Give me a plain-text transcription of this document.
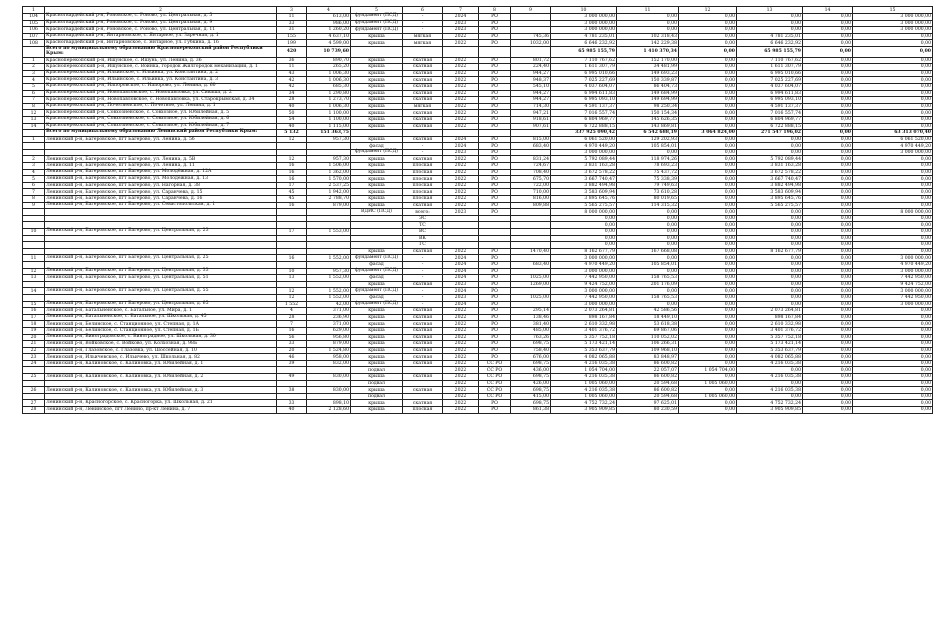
1	2	3	4	5	6	7	8	9	10	11	12	13	14	15
104	Красногвардейский р-н, Роновское, с. Роново, ул. Центральная, д. 5	11	613,00	фундамент (ПСД)	-	2024	РО		3 000 000,00	0,00	0,00	0,00	0,00	3 000 000,00
105	Красногвардейский р-н, Роновское, с. Роново, ул. Центральная, д. 9	33	986,00	фундамент (ПСД)	-	2023	РО		3 000 000,00	0,00	0,00	0,00	0,00	3 000 000,00
106	Красногвардейский р-н, Роновское, с. Роново, ул. Центральная, д. 11	31	1 260,20	фундамент (ПСД)	-	2023	РО		3 000 000,00	0,00	0,00	0,00	0,00	3 000 000,00
107	Красногвардейский р-н, Янтарновское, с. Янтарное, ул. Заречная, д. 1	155	4 637,10	крыша	мягкая	2022	РО	745,36	4 781 235,01	102 318,43	0,00	4 781 235,01	0,00	0,00
108	Красногвардейский р-н, Янтарновское, с. Янтарное, ул. Губкина, д. 16	199	4 599,00	крыша	мягкая	2022	РО	1032,00	6 646 232,92	142 229,38	0,00	6 646 232,92	0,00	0,00
	Всего по муниципальному образованию Красноперекопский район Республики Крым:	420	10 739,60						65 985 155,79	1 410 370,34	0,00	65 985 155,79	0,00	0,00
1	Красноперекопский р-н, Ишунское, с. Ишунь, ул. Ленина, д. 36	36	890,70	крыша	скатная	2022	РО	801,72	7 110 767,62	152 170,00	0,00	7 110 767,62	0,00	0,00
2	Красноперекопский р-н, Ишунское, с. Воинка, городок Жилгородок механизации, д. 1	11	265,20	крыша	скатная	2022	РО	224,40	1 611 307,79	34 481,99	0,00	1 611 307,79	0,00	0,00
3	Красноперекопский р-н, Ильинское, с. Ильинка, ул. Константина, д. 2	43	1 006,30	крыша	скатная	2022	РО	944,27	6 995 010,66	149 693,23	0,00	6 995 010,66	0,00	0,00
4	Красноперекопский р-н, Ильинское, с. Ильинка, ул. Константина, д. 3	42	1 006,30	крыша	скатная	2022	РО	948,37	7 025 227,69	150 339,87	0,00	7 025 227,69	0,00	0,00
5	Красноперекопский р-н, Напоровское, с. Напорово, ул. Ленина, д. 60	42	685,30	крыша	скатная	2022	РО	545,10	4 037 604,07	86 404,73	0,00	4 037 604,07	0,00	0,00
6	Красноперекопский р-н, Новопавловское, с. Новопавловка, ул. Сиваша, д. 2	34	1 290,80	крыша	скатная	2022	РО	944,27	6 994 611,83	149 684,99	0,00	6 994 611,83	0,00	0,00
7	Красноперекопский р-н, Новопавловское, с. Новопавловка, ул. Старокрымская, д. 34	28	1 273,70	крыша	скатная	2022	РО	944,27	6 995 093,10	149 694,99	0,00	6 995 093,10	0,00	0,00
8	Красноперекопский р-н, Почетненское, с. Почетное, ул. Ленина, д. 1	40	1 006,30	крыша	мягкая	2022	РО	714,30	4 591 137,37	98 250,34	0,00	4 591 137,37	0,00	0,00
12	Красноперекопский р-н, Совхозненское, с. Совхозное, ул. Юбилейная, д. 5	50	1 100,00	крыша	скатная	2022	РО	947,21	7 016 557,74	150 154,34	0,00	7 016 557,74	0,00	0,00
13	Красноперекопский р-н, Совхозненское, с. Совхозное, ул. Юбилейная, д. 6	54	1 100,00	крыша	скатная	2022	РО	918,61	6 804 969,77	145 626,35	0,00	6 804 969,77	0,00	0,00
14	Красноперекопский р-н, Совхозненское, с. Совхозное, ул. Юбилейная, д. 7	40	1 115,00	крыша	скатная	2022	РО	907,61	6 722 888,15	143 869,81	0,00	6 722 888,15	0,00	0,00
	Всего по муниципальному образованию Ленинский район Республики Крым:	5 132	151 363,75						337 925 090,42	6 542 688,19	3 064 824,00	271 547 196,02	0,00	63 313 070,40
1	Ленинский р-н, Багеровское, пгт Багерово, ул. Ленина, д. 5б	12	957,30	крыша	скатная	2024	РО	815,00	6 061 520,00	129 202,93	0,00	0,00	0,00	6 061 520,00
				фасад	-	2024	РО	683,40	4 970 449,20	105 854,01	0,00	0,00	0,00	4 970 449,20
				фундамент (ПСД)	-	2023	РО		3 000 000,00	0,00	0,00	0,00	0,00	3 000 000,00
2	Ленинский р-н, Багеровское, пгт Багерово, ул. Ленина, д. 5В	12	957,30	крыша	скатная	2022	РО	831,24	5 792 089,44	118 974,26	0,00	5 792 089,44	0,00	0,00
3	Ленинский р-н, Багеровское, пгт Багерово, ул. Ленина, д. 11	16	1 506,00	крыша	плоская	2022	РО	724,67	3 831 163,28	78 693,23	0,00	3 831 163,28	0,00	0,00
4	Ленинский р-н, Багеровское, пгт Багерово, ул. Молодёжная, д. 12А	16	1 362,00	крыша	плоская	2022	РО	708,40	3 672 578,22	75 437,72	0,00	3 672 578,22	0,00	0,00
5	Ленинский р-н, Багеровское, пгт Багерово, ул. Молодёжная, д. 13	16	1 570,00	крыша	плоская	2022	РО	675,70	3 667 740,47	75 338,39	0,00	3 667 740,47	0,00	0,00
6	Ленинский р-н, Багеровское, пгт Багерово, ул. Нагорная, д. 38	17	2 537,25	крыша	плоская	2022	РО	722,00	3 882 494,98	79 749,63	0,00	3 882 494,98	0,00	0,00
7	Ленинский р-н, Багеровское, пгт Багерово, ул. Саранчева, д. 15	45	1 942,00	крыша	плоская	2022	РО	710,00	3 583 609,94	73 610,28	0,00	3 583 609,94	0,00	0,00
8	Ленинский р-н, Багеровское, пгт Багерово, ул. Саранчева, д. 16	45	2 788,70	крыша	плоская	2022	РО	816,00	3 895 645,76	80 019,65	0,00	3 895 645,76	0,00	0,00
9	Ленинский р-н, Багеровское, пгт Багерово, ул. Севастопольская, д. 1	16	879,00	крыша	скатная	2022	РО	809,88	5 565 275,57	114 315,32	0,00	5 565 275,57	0,00	0,00
				ВДИС (ПСД)	всего:	2023	РО		8 000 000,00	0,00	0,00	0,00	0,00	8 000 000,00
					ЭС				0,00	0,00	0,00	0,00	0,00	0,00
					ТС				0,00	0,00	0,00	0,00	0,00	0,00
10	Ленинский р-н, Багеровское, пгт Багерово, ул. Центральная, д. 23	17	1 553,00		ВС				0,00	0,00	0,00	0,00	0,00	0,00
					ВК				0,00	0,00	0,00	0,00	0,00	0,00
					ГС				0,00	0,00	0,00	0,00	0,00	0,00
				крыша	скатная	2022	РО	1470,40	8 162 677,79	167 668,08	0,00	8 162 677,79	0,00	0,00
11	Ленинский р-н, Багеровское, пгт Багерово, ул. Центральная, д. 25	16	1 552,00	фундамент (ПСД)	-	2024	РО		3 000 000,00	0,00	0,00	0,00	0,00	3 000 000,00
				фасад	-	2024	РО	683,40	4 970 449,20	105 854,01	0,00	0,00	0,00	4 970 449,20
12	Ленинский р-н, Багеровское, пгт Багерово, ул. Центральная, д. 33	10	957,30	фундамент (ПСД)	-	2024	РО		3 000 000,00	0,00	0,00	0,00	0,00	3 000 000,00
13	Ленинский р-н, Багеровское, пгт Багерово, ул. Центральная, д. 51	13	1 552,00	фасад	-	2024	РО	1025,00	7 442 950,00	158 765,53	0,00	0,00	0,00	7 442 950,00
				крыша	скатная	2023	РО	1269,00	9 424 752,00	201 176,09	0,00	0,00	0,00	9 424 752,00
14	Ленинский р-н, Багеровское, пгт Багерово, ул. Центральная, д. 55	12	1 552,00	фундамент (ПСД)	-	2024	РО		3 000 000,00	0,00	0,00	0,00	0,00	3 000 000,00
		12	1 552,00	фасад	-	2023	РО	1025,00	7 442 950,00	158 765,53	0,00	0,00	0,00	7 442 950,00
15	Ленинский р-н, Багеровское, пгт Багерово, ул. Центральная, д. 65	1 552	42,00	фундамент (ПСД)	-	2024	РО		3 000 000,00	0,00	0,00	0,00	0,00	3 000 000,00
16	Ленинский р-н, Батальненское, с. Батальное, ул. Мира, д. 1	4	371,00	крыша	скатная	2022	РО	295,14	2 073 264,81	42 586,56	0,00	2 073 264,81	0,00	0,00
17	Ленинский р-н, Батальненское, с. Батальное, ул. Школьная, д. 45	28	236,90	крыша	скатная	2022	РО	138,46	898 167,84	18 449,10	0,00	898 167,84	0,00	0,00
18	Ленинский р-н, Белинское, с. Станционное, ул. Степная, д. 1А	7	371,00	крыша	скатная	2022	РО	381,40	2 610 332,98	53 618,38	0,00	2 610 332,98	0,00	0,00
19	Ленинский р-н, Белинское, с. Станционное, ул. Степная, д. 1Б	16	629,00	крыша	скатная	2022	РО	485,00	3 401 376,72	69 867,06	0,00	3 401 376,72	0,00	0,00
20	Ленинский р-н, Виноградовское, с. Виноградное, ул. Школьная, д. 30	56	956,80	крыша	скатная	2022	РО	763,26	5 357 752,18	110 052,02	0,00	5 357 752,18	0,00	0,00
21	Ленинский р-н, Войковское, с. Войково, ул. Колхозная, д. 98Б	33	879,00	крыша	скатная	2022	РО	698,75	5 173 421,14	106 266,31	0,00	5 173 421,14	0,00	0,00
22	Ленинский р-н, Глазовское, с. Глазовка, ул. Шоссейная, д. 10	20	1 524,80	крыша	скатная	2022	РО	758,40	5 353 637,79	109 968,10	0,00	5 353 637,79	0,00	0,00
23	Ленинский р-н, Ильичевское, с. Ильичево, ул. Школьная, д. 82	46	958,00	крыша	скатная	2022	РО	676,00	4 082 065,88	83 848,97	0,00	4 082 065,88	0,00	0,00
24	Ленинский р-н, Калиновское, с. Калиновка, ул. Юбилейная, д. 1	39	832,00	крыша	скатная	2022	СС РО	698,75	4 216 035,38	86 600,82	0,00	4 216 035,38	0,00	0,00
				подвал		2022	СС РО	436,00	1 054 704,00	22 057,07	1 054 704,00	0,00	0,00	0,00
25	Ленинский р-н, Калиновское, с. Калиновка, ул. Юбилейная, д. 2	49	830,00	крыша	скатная	2022	СС РО	698,75	4 216 035,38	86 600,82	0,00	4 216 035,38	0,00	0,00
				подвал		2022	СС РО	426,00	1 005 060,00	20 594,68	1 005 060,00	0,00	0,00	0,00
26	Ленинский р-н, Калиновское, с. Калиновка, ул. Юбилейная, д. 3	38	830,00	крыша	скатная	2022	СС РО	698,75	4 216 035,38	86 600,82	0,00	4 216 035,38	0,00	0,00
				подвал		2022	СС РО	415,00	1 005 060,00	20 594,68	1 005 060,00	0,00	0,00	0,00
27	Ленинский р-н, Красногорское, с. Красногорка, ул. Школьная, д. 21	33	898,10	крыша	скатная	2022	РО	698,75	4 752 732,24	97 625,01	0,00	4 752 732,24	0,00	0,00
28	Ленинский р-н, Ленинское, пгт Ленино, пр-кт Ленина, д. 7	40	2 128,60	крыша	плоская	2022	РО	861,38	3 905 909,85	80 230,59	0,00	3 905 909,85	0,00	0,00
